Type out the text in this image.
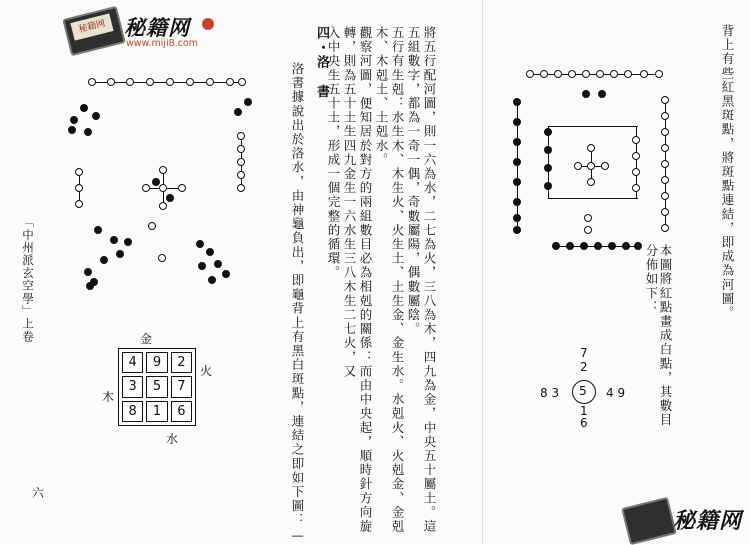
秘籍网 秘籍网
www.miji8.com
秘籍网
「中州派玄空學」上卷
六
金
火
木
水
4	9	2
3	5	7
8	1	6	洛書據說出於洛水，由神龜負出，即龜背上有黑白斑點，連結之即如下圖：— 四・洛　書	將五行配河圖，則一六為水，二七為火，三八為木，四九為金，中央五十屬土。這
五組數字，都為一奇一偶，奇數屬陽，偶數屬陰。
五行有生剋：水生木、木生火、火生土、土生金、金生水。水剋火、火剋金、金剋
木、木剋土、土剋水。
觀察河圖，便知居於對方的兩組數目必為相剋的關係：而由中央起，順時針方向旋
轉，則為五十土生四九金生一六水生三八木生二七火，又
入中央生五十土，形成一個完整的循環。	背上有些紅黑斑點，將斑點連結，即成為河圖。
本圖將紅點畫成白點，其數目
分佈如下：
7
2
8 3 5 4 9
1
6
